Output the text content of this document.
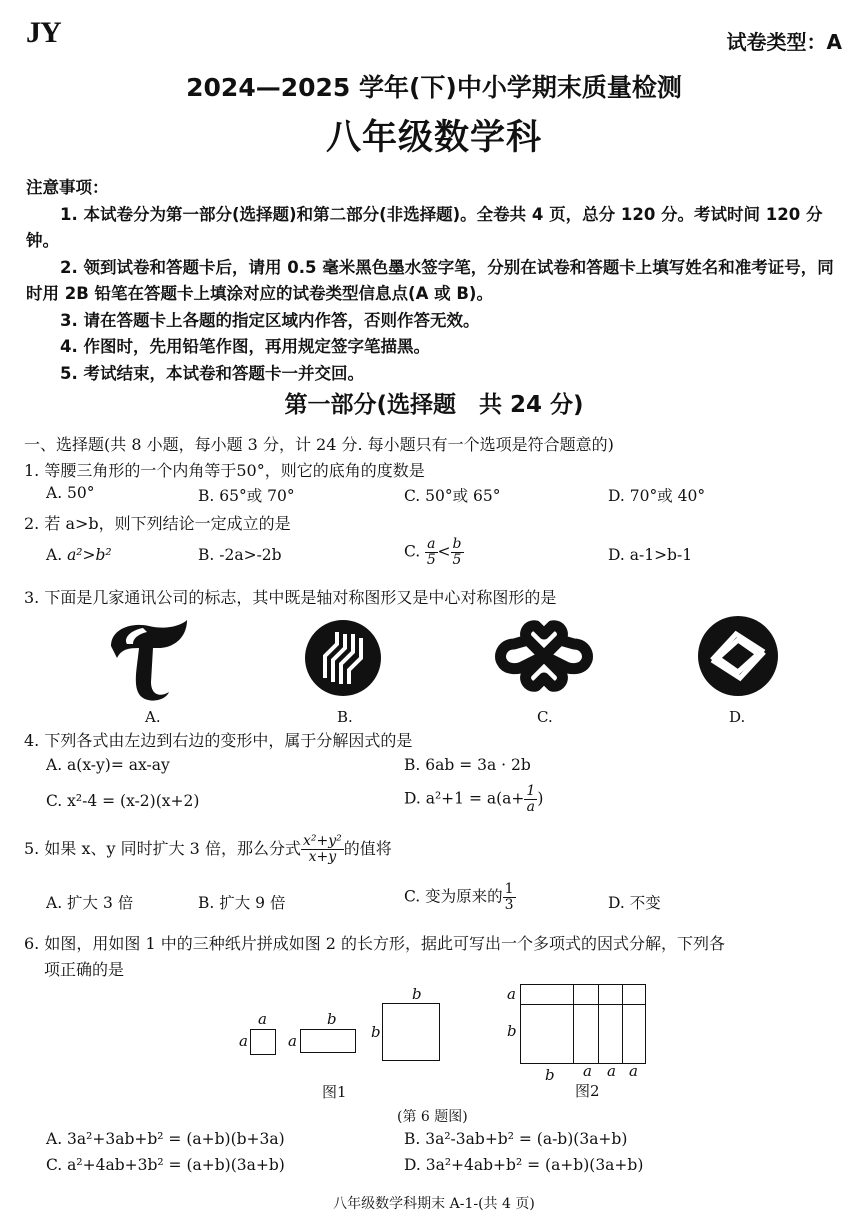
JY	试卷类型：A
2024—2025 学年(下)中小学期末质量检测
八年级数学科

注意事项：

1. 本试卷分为第一部分(选择题)和第二部分(非选择题)。全卷共 4 页，总分 120 分。考试时间 120 分钟。

2. 领到试卷和答题卡后，请用 0.5 毫米黑色墨水签字笔，分别在试卷和答题卡上填写姓名和准考证号，同时用 2B 铅笔在答题卡上填涂对应的试卷类型信息点(A 或 B)。

3. 请在答题卡上各题的指定区域内作答，否则作答无效。

4. 作图时，先用铅笔作图，再用规定签字笔描黑。

5. 考试结束，本试卷和答题卡一并交回。

第一部分(选择题　共 24 分)
一、选择题(共 8 小题，每小题 3 分，计 24 分. 每小题只有一个选项是符合题意的)
1. 等腰三角形的一个内角等于50°，则它的底角的度数是
A. 50°	B. 65°或 70°	C. 50°或 65°	D. 70°或 40°
2. 若 a>b，则下列结论一定成立的是
A. a²>b²	B. -2a>-2b	C. $\frac{a}{5} < \frac{b}{5}$	D. a-1>b-1
3. 下面是几家通讯公司的标志，其中既是轴对称图形又是中心对称图形的是
A.	B.	C.	D.
4. 下列各式由左边到右边的变形中，属于分解因式的是
A. a(x-y)= ax-ay	B. 6ab = 3a · 2b
C. x²-4 = (x-2)(x+2)	D. $a^2+1 = a(a+ \frac{1}{a}$ )
5. 如果 x、y 同时扩大 3 倍，那么分式 $\frac{\text{x²+y²}}{x+y}$ 的值将
A. 扩大 3 倍	B. 扩大 9 倍	C. 变为原来的 $\frac{1}{3}$	D. 不变
6. 如图，用如图 1 中的三种纸片拼成如图 2 的长方形，据此可写出一个多项式的因式分解，下列各
项正确的是
a
a
b
a
b
b
图1
a
b
a a a
b
图2
(第 6 题图)
A. 3a²+3ab+b² = (a+b)(b+3a)	B. 3a²-3ab+b² = (a-b)(3a+b)
C. a²+4ab+3b² = (a+b)(3a+b)	D. 3a²+4ab+b² = (a+b)(3a+b)
八年级数学科期末 A-1-(共 4 页)
